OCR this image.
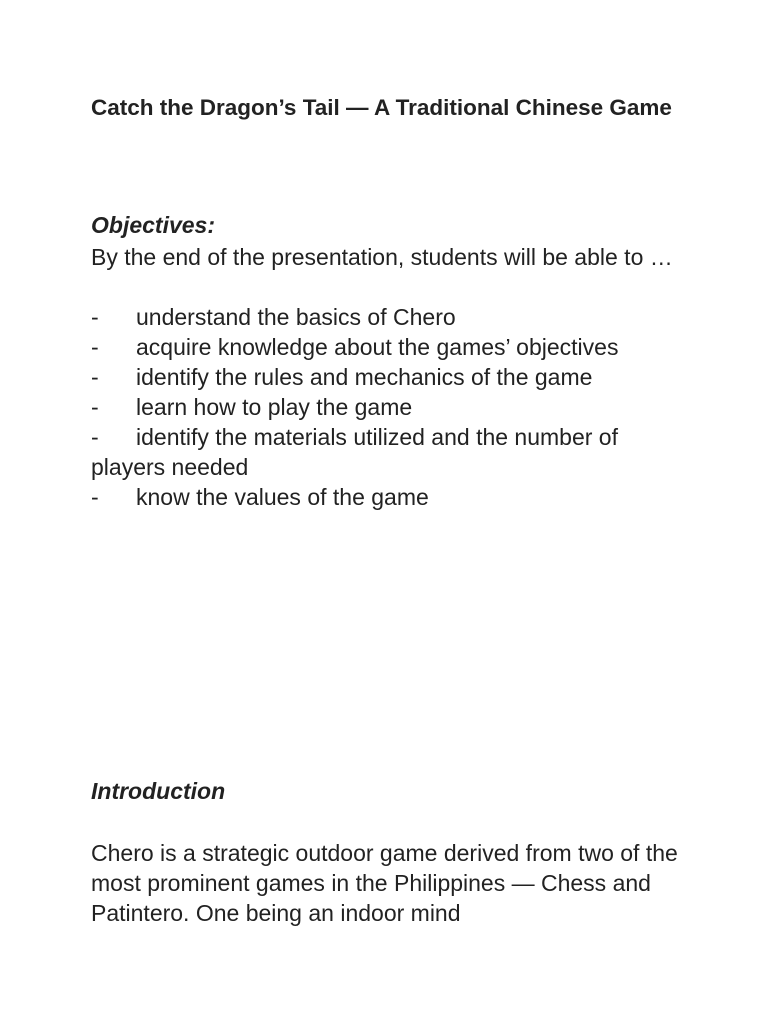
Catch the Dragon’s Tail — A Traditional Chinese Game
Objectives:

By the end of the presentation, students will be able to …

-	understand the basics of Chero
-	acquire knowledge about the games’ objectives
-	identify the rules and mechanics of the game
-	learn how to play the game
-	identify the materials utilized and the number of players needed
-	know the values of the game
Introduction

Chero is a strategic outdoor game derived from two of the most prominent games in the Philippines — Chess and Patintero. One being an indoor mind
